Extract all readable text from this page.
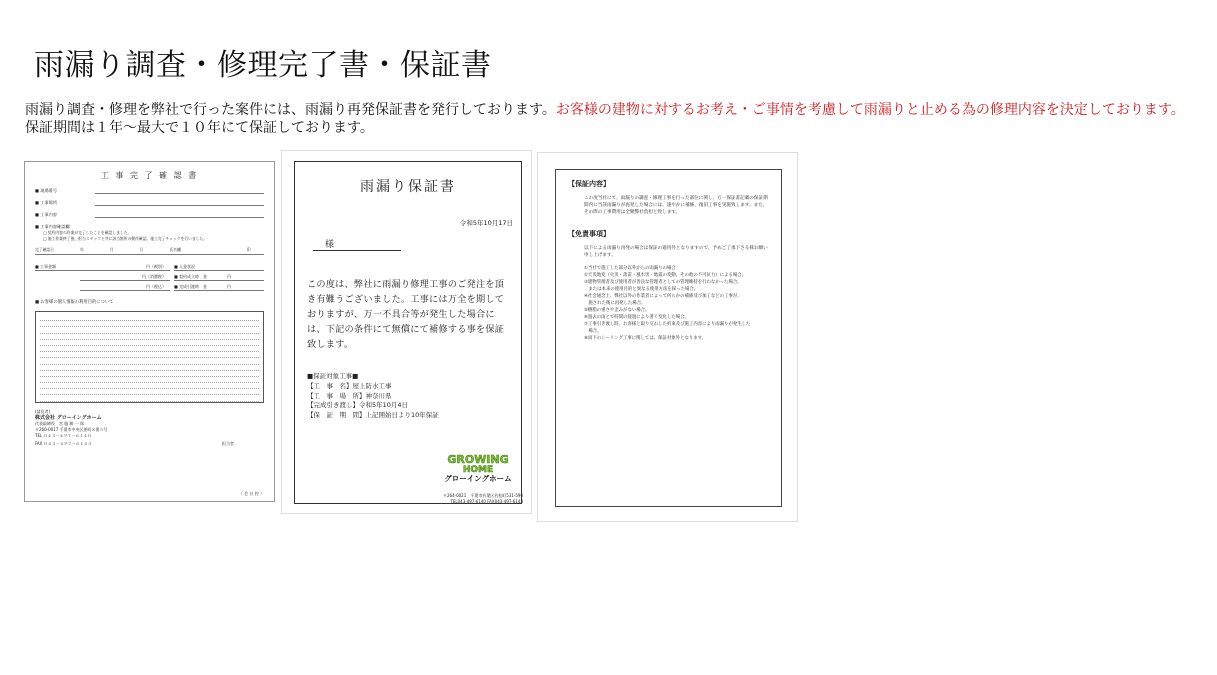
雨漏り調査・修理完了書・保証書

雨漏り調査・修理を弊社で行った案件には、雨漏り再発保証書を発行しております。お客様の建物に対するお考え・ご事情を考慮して雨漏りと止める為の修理内容を決定しております。保証期間は１年〜最大で１０年にて保証しております。

工 事 完 了 確 認 書
■ 現場番号
■ 工事場所
■ 工事内容
■ 工事内容確認欄
□ 契約内容の作業が完了したことを確認しました。
□ 施工作業終了後、担当スタッフと共に該当箇所の動作確認、施工完了チェックを行いました。
完了確認日	年	月	日	氏名欄	印
■ 工事金額	円（税別）
円（消費税）
円（税込）
■ 入金状況
■ 契約成立時　金　　　　　円
■ 完成引渡時　金　　　　　円
■ お客様の個人情報の利用目的について
(請負者)
株式会社 グローイングホーム
代表取締役　宮 脇 勝 一 郎
〒260-0017 千葉市中央区要町８番５号
TEL ０４３－４９７－６１４０
FAX ０４３－４９７－６１４３	担当者
（ 会 社 控 ）
雨漏り保証書
令和5年10月17日
様
この度は、弊社に雨漏り修理工事のご発注を頂き有難うございました。工事には万全を期しておりますが、万一不具合等が発生した場合には、下記の条件にて無償にて補修する事を保証致します。
■保証対象工事■
【工　事　名】屋上防水工事
【工　事　場　所】神奈川県
【完成引き渡し】令和5年10月4日
【保　証　期　間】上記開始日より10年保証
GROWING
HOME
グローイングホーム
〒264-0021　千葉市若葉区若松町531-590
TEL043-497-6140 FAX043-497-6143
【保証内容】
この度当社にて、雨漏りの調査・修理工事を行った部位に関し、万一保証書記載の保証期間内に当該雨漏りが再発した場合には、速やかに補修、復旧工事を実施致します。また、その際の工事費用は全額弊社負担と致します。
【免責事項】
以下による雨漏り再発の場合は保証の適用外となりますので、予めご了承下さる様お願い申し上げます。
①当社で施工した部分以外からの雨漏りの場合
②天災地変（火災・落雷・風水害・地震の変動、その他の不可抗力）による場合。
③建物管理者及び使用者が善良な管理者としての管理維持を行わなかった場合、
　または本来の使用目的と異なる使用方法を採った場合。
④社会通念上、弊社以外の作業者によって何らかの補修及び加工などの工事が、
　施された後に再発した場合。
⑤樹脂の重さや歪みがない場合。
⑥過去の雨とで時間の経過により著く変化した場合。
⑦工事引き渡し時、お客様と取り交わした約束及び施工内容により雨漏りが発生した
　場合。
⑧雨下のシーリング工事に関しては、保証対象外となります。
